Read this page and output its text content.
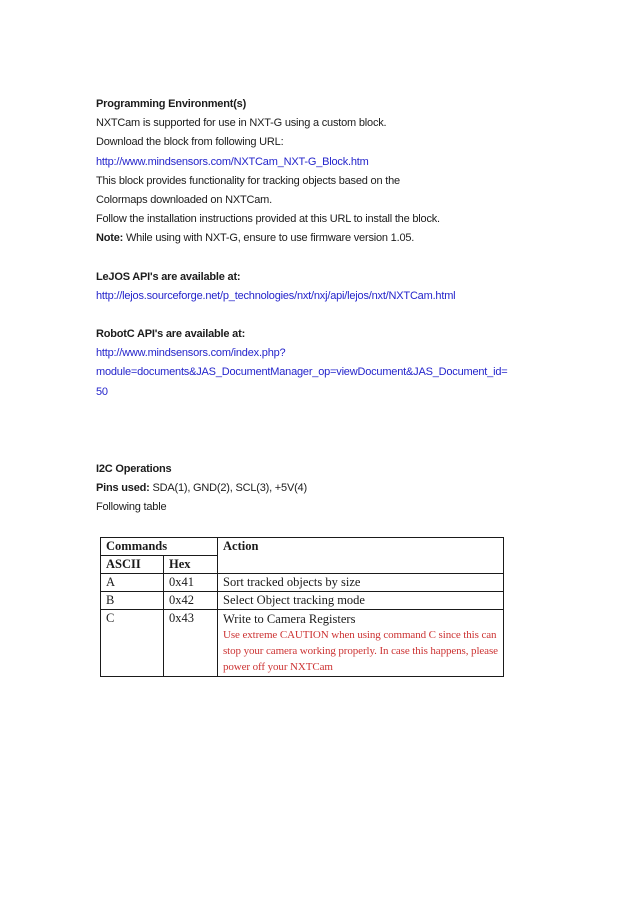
Programming Environment(s)
NXTCam is supported for use in NXT-G using a custom block.
Download the block from following URL:
http://www.mindsensors.com/NXTCam_NXT-G_Block.htm
This block provides functionality for tracking objects based on the
Colormaps downloaded on NXTCam.
Follow the installation instructions provided at this URL to install the block.
Note: While using with NXT-G, ensure to use firmware version 1.05.
LeJOS API's are available at:
http://lejos.sourceforge.net/p_technologies/nxt/nxj/api/lejos/nxt/NXTCam.html
RobotC API's are available at:
http://www.mindsensors.com/index.php?
module=documents&JAS_DocumentManager_op=viewDocument&JAS_Document_id=
50
I2C Operations
Pins used: SDA(1), GND(2), SCL(3), +5V(4)
Following table
Commands		Action
ASCII	Hex	
A	0x41	Sort tracked objects by size
B	0x42	Select Object tracking mode
C	0x43	Write to Camera Registers
Use extreme CAUTION when using command C since this can stop your camera working properly. In case this happens, please power off your NXTCam
